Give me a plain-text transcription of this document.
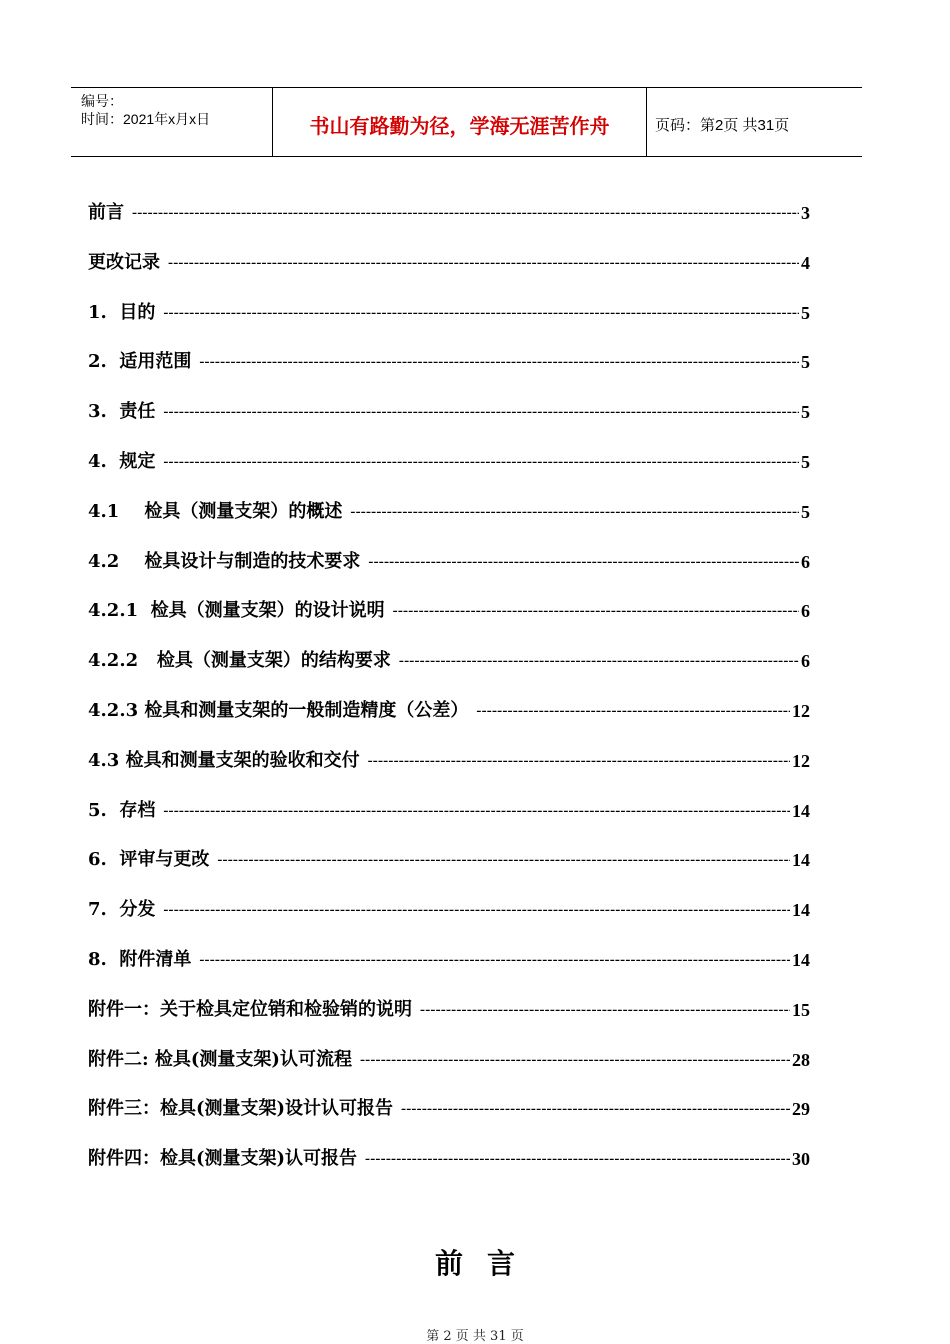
编号：
时间：2021年x月x日	书山有路勤为径，学海无涯苦作舟	页码：第2页 共31页
前言 -----	3
更改记录 -----	4
1.  目的 -----	5
2.  适用范围 -----	5
3.  责任 -----	5
4.  规定 -----	5
4.1    检具（测量支架）的概述 -----	5
4.2    检具设计与制造的技术要求 -----	6
4.2.1  检具（测量支架）的设计说明 -----	6
4.2.2   检具（测量支架）的结构要求 -----	6
4.2.3 检具和测量支架的一般制造精度（公差） -----	12
4.3 检具和测量支架的验收和交付 -----	12
5.  存档 -----	14
6.  评审与更改 -----	14
7.  分发 -----	14
8.  附件清单 -----	14
附件一：关于检具定位销和检验销的说明 -----	15
附件二: 检具(测量支架)认可流程 -----	28
附件三：检具(测量支架)设计认可报告 -----	29
附件四：检具(测量支架)认可报告 -----	30
前言
第 2 页 共 31 页
